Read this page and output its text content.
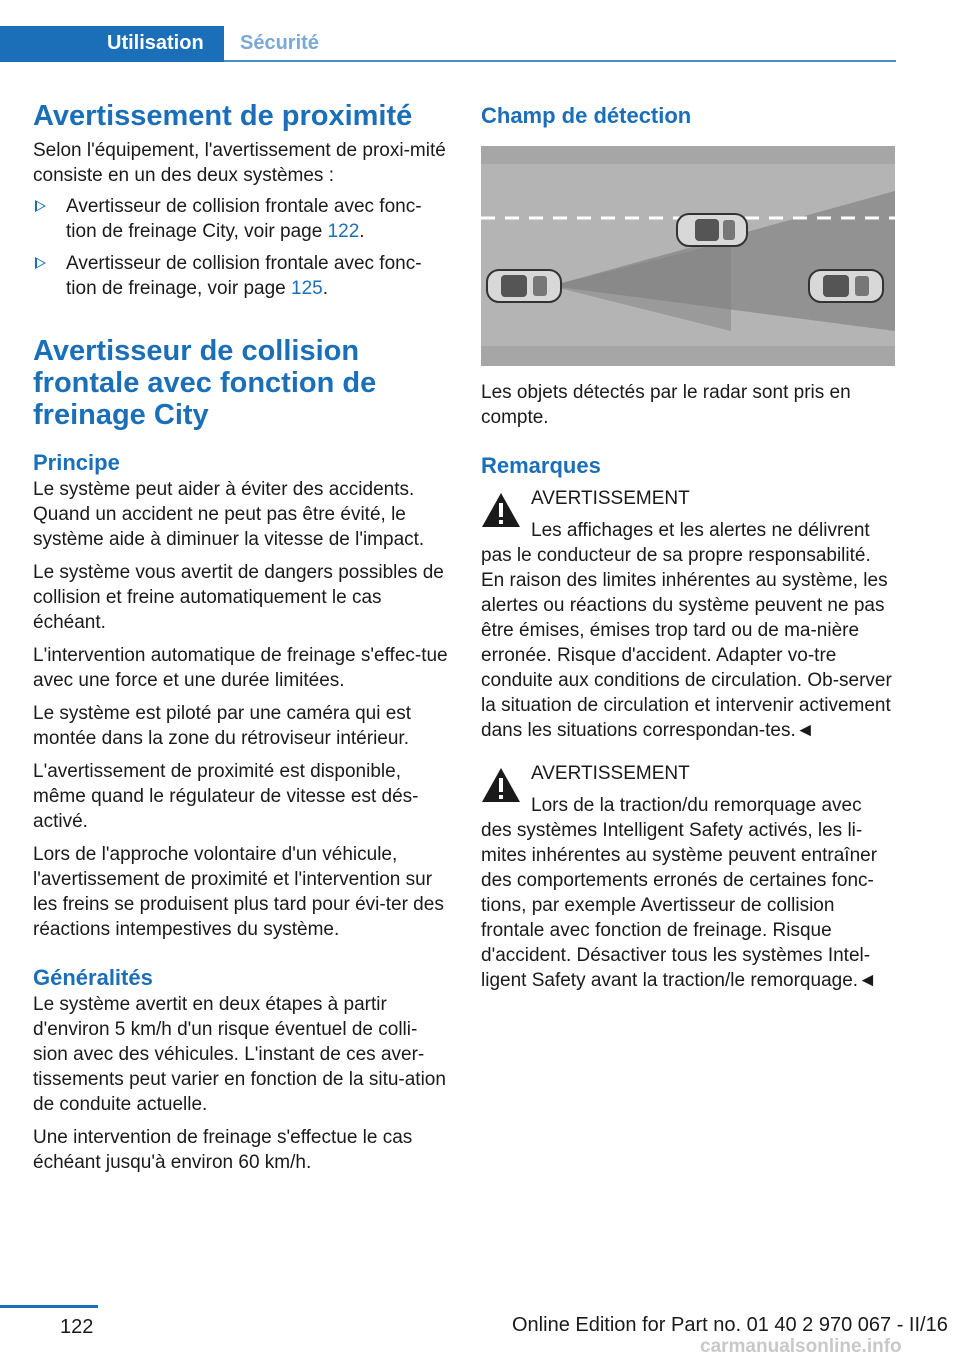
Utilisation Sécurité
Avertissement de proximité

Selon l'équipement, l'avertissement de proxi-mité consiste en un des deux systèmes :

Avertisseur de collision frontale avec fonc-tion de freinage City, voir page 122.
Avertisseur de collision frontale avec fonc-tion de freinage, voir page 125.
Avertisseur de collision frontale avec fonction de freinage City
Principe

Le système peut aider à éviter des accidents. Quand un accident ne peut pas être évité, le système aide à diminuer la vitesse de l'impact.

Le système vous avertit de dangers possibles de collision et freine automatiquement le cas échéant.

L'intervention automatique de freinage s'effec-tue avec une force et une durée limitées.

Le système est piloté par une caméra qui est montée dans la zone du rétroviseur intérieur.

L'avertissement de proximité est disponible, même quand le régulateur de vitesse est dés-activé.

Lors de l'approche volontaire d'un véhicule, l'avertissement de proximité et l'intervention sur les freins se produisent plus tard pour évi-ter des réactions intempestives du système.

Généralités

Le système avertit en deux étapes à partir d'environ 5 km/h d'un risque éventuel de colli-sion avec des véhicules. L'instant de ces aver-tissements peut varier en fonction de la situ-ation de conduite actuelle.

Une intervention de freinage s'effectue le cas échéant jusqu'à environ 60 km/h.

Champ de détection

Les objets détectés par le radar sont pris en compte.

Remarques
AVERTISSEMENT
Les affichages et les alertes ne délivrent
pas le conducteur de sa propre responsabilité. En raison des limites inhérentes au système, les alertes ou réactions du système peuvent ne pas être émises, émises trop tard ou de ma-nière erronée. Risque d'accident. Adapter vo-tre conduite aux conditions de circulation. Ob-server la situation de circulation et intervenir activement dans les situations correspondan-tes.◄
AVERTISSEMENT
Lors de la traction/du remorquage avec
des systèmes Intelligent Safety activés, les li-mites inhérentes au système peuvent entraîner des comportements erronés de certaines fonc-tions, par exemple Avertisseur de collision frontale avec fonction de freinage. Risque d'accident. Désactiver tous les systèmes Intel-ligent Safety avant la traction/le remorquage.◄
122	Online Edition for Part no. 01 40 2 970 067 - II/16
carmanualsonline.info
